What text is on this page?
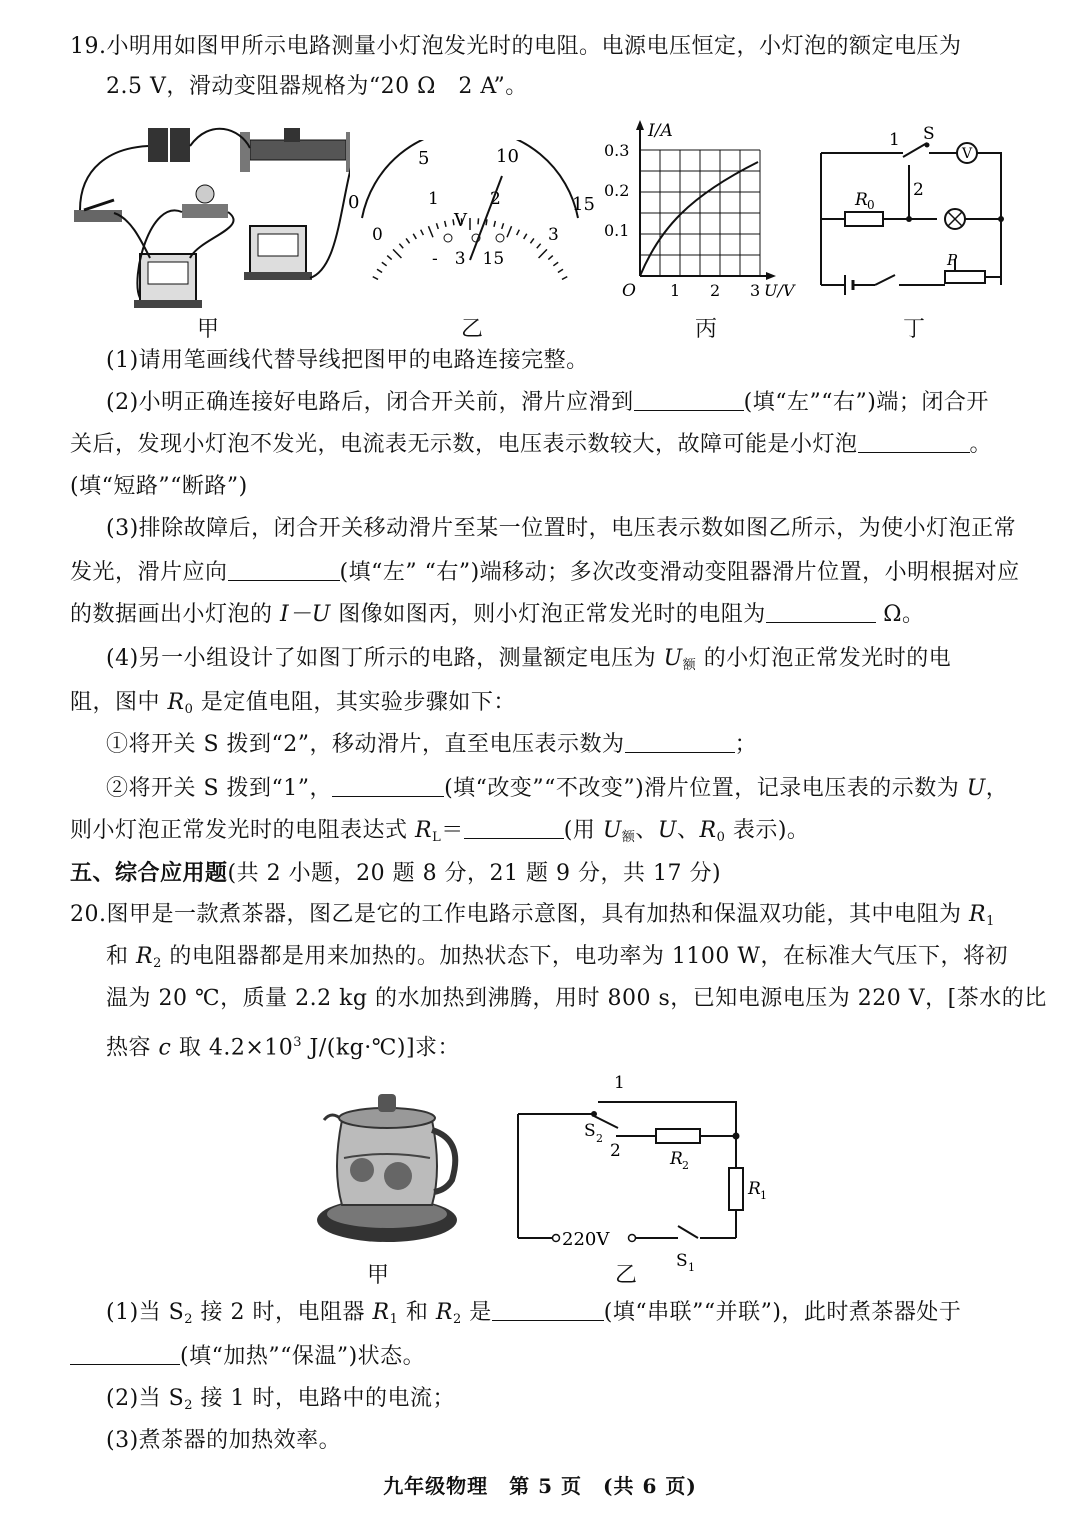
19.小明用如图甲所示电路测量小灯泡发光时的电阻。电源电压恒定，小灯泡的额定电压为
2.5 V，滑动变阻器规格为“20 Ω　2 A”。
0
5	10
15
0
1	2
3
V
-　3　15
I/A
0.3
0.2
0.1
O 1 2 3 U/V
V
1 S
2
R 0
P
甲	乙	丙	丁
(1)请用笔画线代替导线把图甲的电路连接完整。
(2)小明正确连接好电路后，闭合开关前，滑片应滑到	(填“左”“右”)端；闭合开
关后，发现小灯泡不发光，电流表无示数，电压表示数较大，故障可能是小灯泡	。
(填“短路”“断路”)
(3)排除故障后，闭合开关移动滑片至某一位置时，电压表示数如图乙所示，为使小灯泡正常
发光，滑片应向	(填“左” “右”)端移动；多次改变滑动变阻器滑片位置，小明根据对应
的数据画出小灯泡的 I－U 图像如图丙，则小灯泡正常发光时的电阻为	Ω。
(4)另一小组设计了如图丁所示的电路，测量额定电压为 $U_额$ 的小灯泡正常发光时的电
阻，图中 $R_0$ 是定值电阻，其实验步骤如下：
①将开关 S 拨到“2”，移动滑片，直至电压表示数为	；
②将开关 S 拨到“1”，	(填“改变”“不改变”)滑片位置，记录电压表的示数为 U，
则小灯泡正常发光时的电阻表达式 $R_L=$	(用 $U_额$、U、$R_0$ 表示)。
五、综合应用题(共 2 小题，20 题 8 分，21 题 9 分，共 17 分)
20.图甲是一款煮茶器，图乙是它的工作电路示意图，具有加热和保温双功能，其中电阻为 $R_1$
和 $R_2$ 的电阻器都是用来加热的。加热状态下，电功率为 1100 W，在标准大气压下，将初
温为 20 ℃，质量 2.2 kg 的水加热到沸腾，用时 800 s，已知电源电压为 220 V，[茶水的比
热容 c 取 $4.2\times 10^3$ J/(kg·℃)]求：
220V
1
2
S 2
R 2
R 1
S 1
甲	乙
(1)当 $S_2$ 接 2 时，电阻器 $R_1$ 和 $R_2$ 是	(填“串联”“并联”)，此时煮茶器处于
(填“加热”“保温”)状态。
(2)当 $S_2$ 接 1 时，电路中的电流；
(3)煮茶器的加热效率。
九年级物理　第 5 页　(共 6 页)
